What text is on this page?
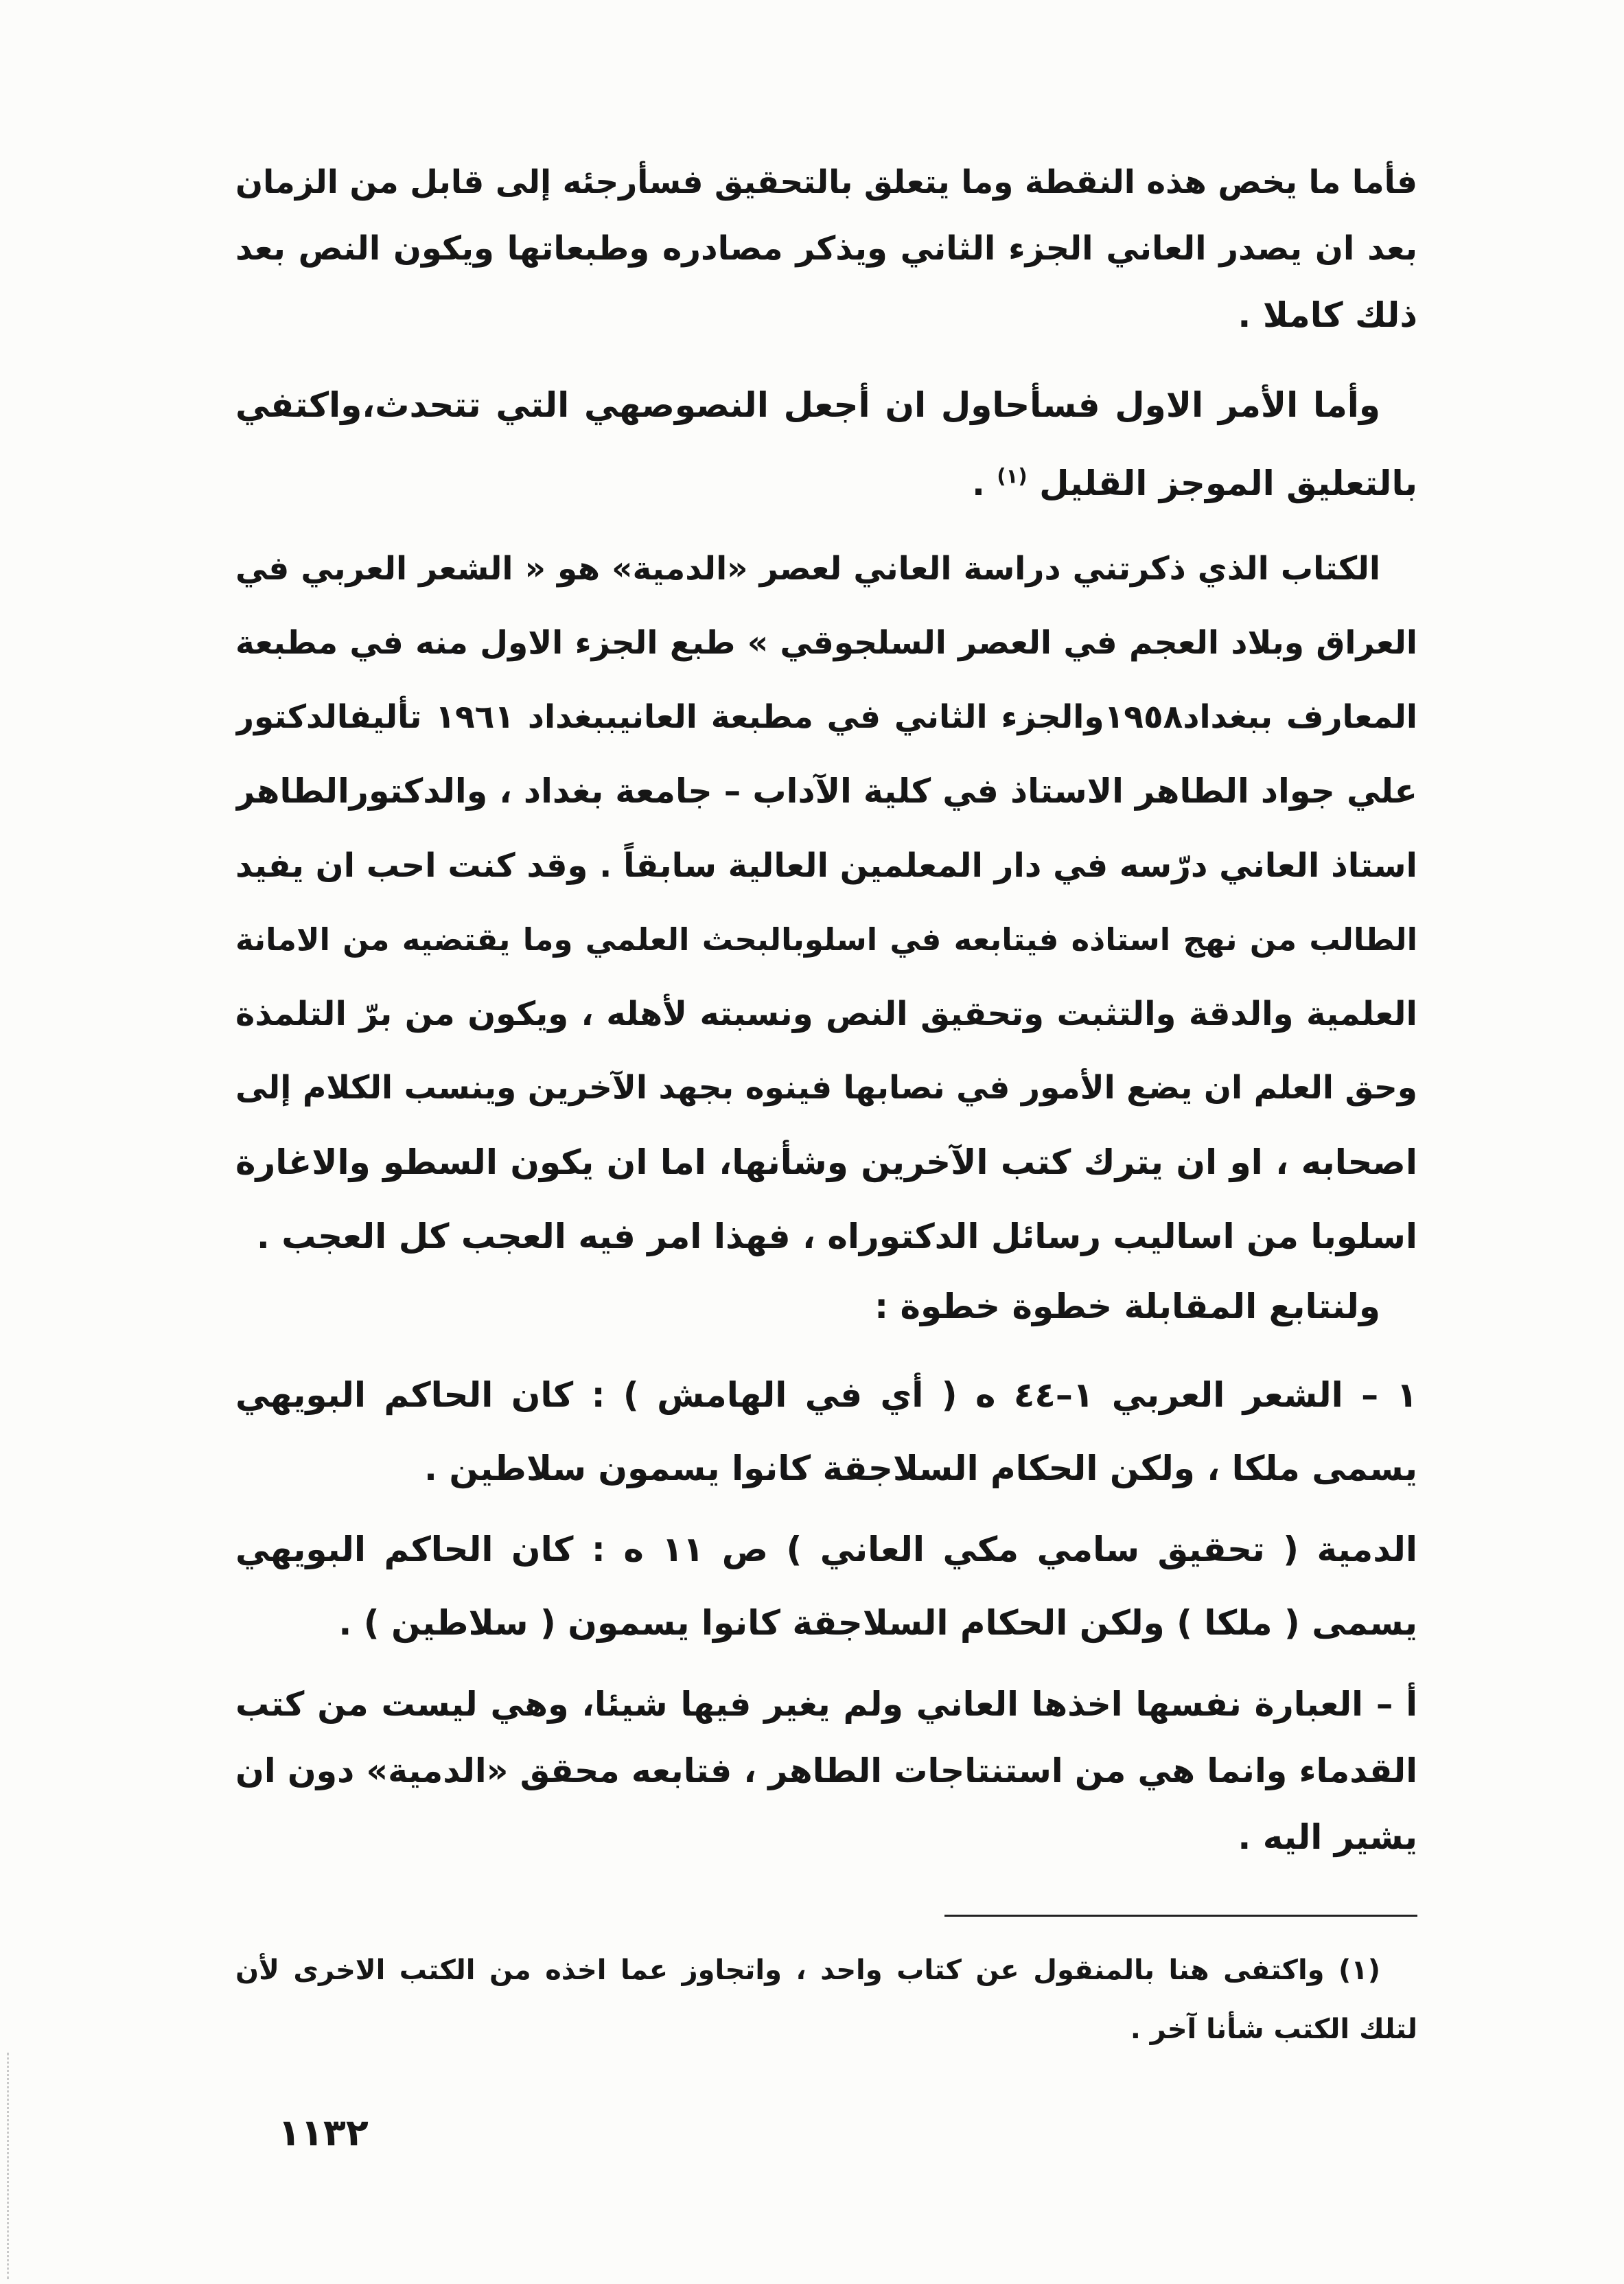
فأما ما يخص هذه النقطة وما يتعلق بالتحقيق فسأرجئه إلى قابل من الزمان
بعد ان يصدر العاني الجزء الثاني ويذكر مصادره وطبعاتها ويكون النص بعد
ذلك كاملا .
وأما الأمر الاول فسأحاول ان أجعل النصوصهي التي تتحدث،واكتفي
بالتعليق الموجز القليل $^{(١)}$ .
الكتاب الذي ذكرتني دراسة العاني لعصر «الدمية» هو « الشعر العربي في
العراق وبلاد العجم في العصر السلجوقي » طبع الجزء الاول منه في مطبعة
المعارف ببغداد١٩٥٨والجزء الثاني في مطبعة العانيببغداد ١٩٦١ تأليفالدكتور
علي جواد الطاهر الاستاذ في كلية الآداب – جامعة بغداد ، والدكتورالطاهر
استاذ العاني درّسه في دار المعلمين العالية سابقاً . وقد كنت احب ان يفيد
الطالب من نهج استاذه فيتابعه في اسلوبالبحث العلمي وما يقتضيه من الامانة
العلمية والدقة والتثبت وتحقيق النص ونسبته لأهله ، ويكون من برّ التلمذة
وحق العلم ان يضع الأمور في نصابها فينوه بجهد الآخرين وينسب الكلام إلى
اصحابه ، او ان يترك كتب الآخرين وشأنها، اما ان يكون السطو والاغارة
اسلوبا من اساليب رسائل الدكتوراه ، فهذا امر فيه العجب كل العجب .
ولنتابع المقابلة خطوة خطوة :
١ – الشعر العربي ١–٤٤ ه ( أي في الهامش ) : كان الحاكم البويهي
يسمى ملكا ، ولكن الحكام السلاجقة كانوا يسمون سلاطين .
الدمية ( تحقيق سامي مكي العاني ) ص ١١ ه : كان الحاكم البويهي
يسمى ( ملكا ) ولكن الحكام السلاجقة كانوا يسمون ( سلاطين ) .
أ – العبارة نفسها اخذها العاني ولم يغير فيها شيئا، وهي ليست من كتب
القدماء وانما هي من استنتاجات الطاهر ، فتابعه محقق «الدمية» دون ان
يشير اليه .
(١) واكتفى هنا بالمنقول عن كتاب واحد ، واتجاوز عما اخذه من الكتب الاخرى لأن
لتلك الكتب شأنا آخر .
١١٣٢
